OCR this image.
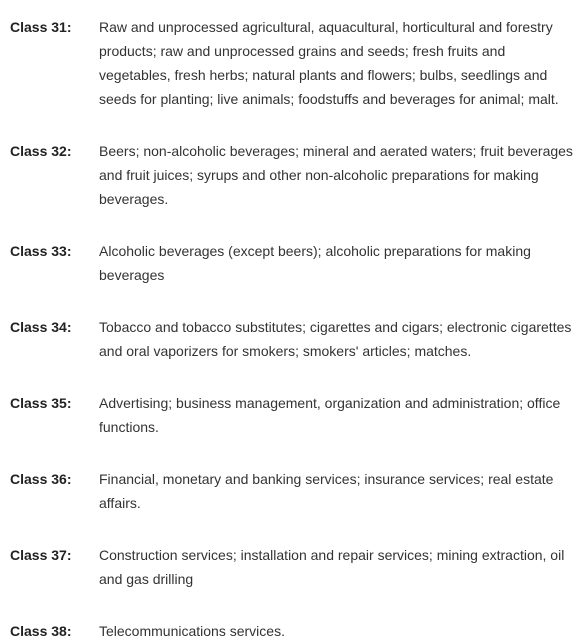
Class 31:	Raw and unprocessed agricultural, aquacultural, horticultural and forestry products; raw and unprocessed grains and seeds; fresh fruits and vegetables, fresh herbs; natural plants and flowers; bulbs, seedlings and seeds for planting; live animals; foodstuffs and beverages for animal; malt.

Class 32:	Beers; non-alcoholic beverages; mineral and aerated waters; fruit beverages and fruit juices; syrups and other non-alcoholic preparations for making beverages.

Class 33:	Alcoholic beverages (except beers); alcoholic preparations for making beverages

Class 34:	Tobacco and tobacco substitutes; cigarettes and cigars; electronic cigarettes and oral vaporizers for smokers; smokers' articles; matches.

Class 35:	Advertising; business management, organization and administration; office functions.

Class 36:	Financial, monetary and banking services; insurance services; real estate affairs.

Class 37:	Construction services; installation and repair services; mining extraction, oil and gas drilling

Class 38:	Telecommunications services.
